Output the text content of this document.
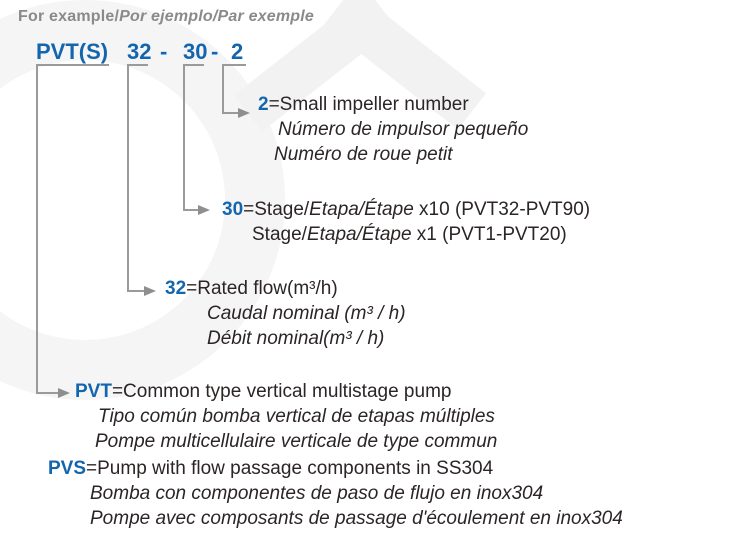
For example/Por ejemplo/Par exemple
PVT(S) 32 - 30 - 2
2=Small impeller number
Número de impulsor pequeño
Numéro de roue petit
30=Stage/Etapa/Étape x10 (PVT32-PVT90)
Stage/Etapa/Étape x1 (PVT1-PVT20)
32=Rated flow(m³/h)
Caudal nominal (m³ / h)
Débit nominal(m³ / h)
PVT=Common type vertical multistage pump
Tipo común bomba vertical de etapas múltiples
Pompe multicellulaire verticale de type commun
PVS=Pump with flow passage components in SS304
Bomba con componentes de paso de flujo en inox304
Pompe avec composants de passage d'écoulement en inox304
